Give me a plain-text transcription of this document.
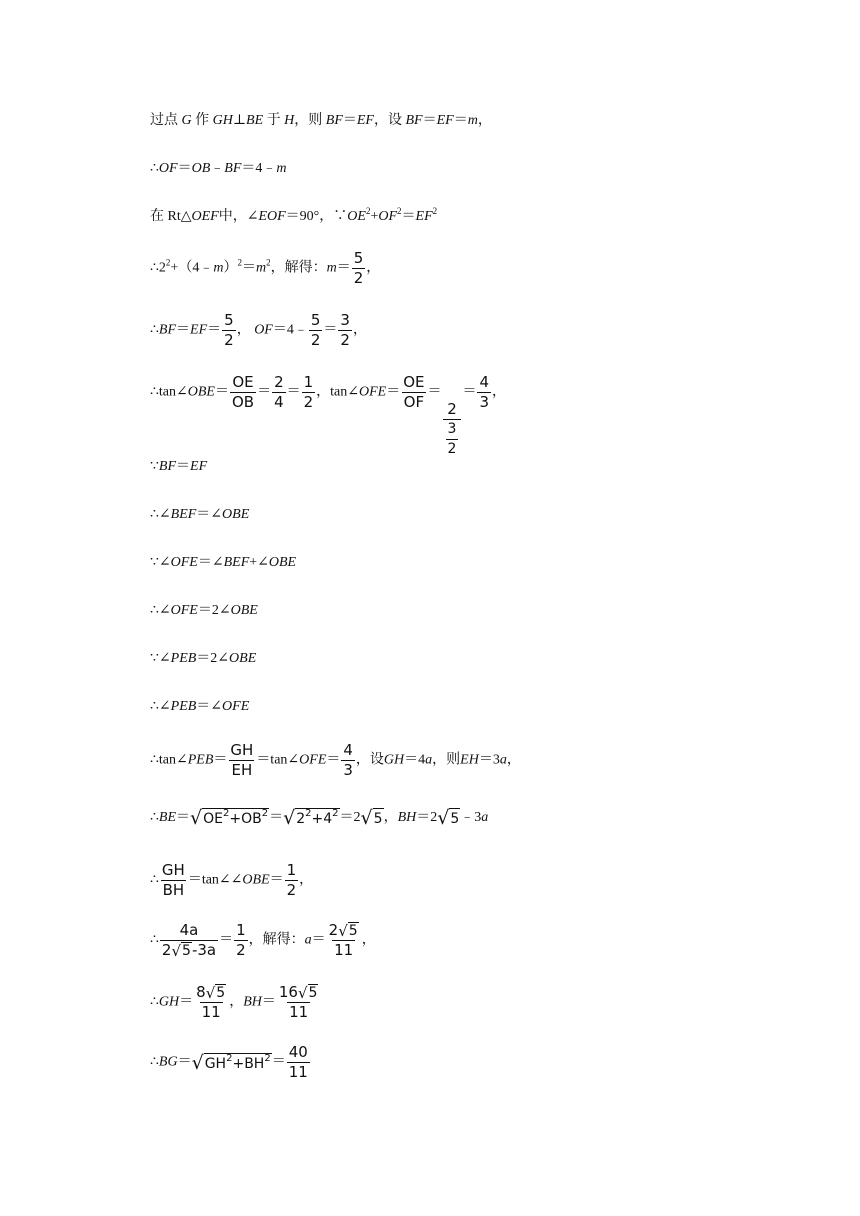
过点 G 作 GH⊥BE 于 H，则 BF＝EF，设 BF＝EF＝m，
∴OF＝OB﹣BF＝4﹣m
在 Rt△OEF中，∠EOF＝90°，$\because OE^2+OF^2=EF^2$
$\therefore 2^2+(4﹣m)^2=m^2$，解得：$m= \frac{5}{2}$ ，
∴BF＝EF＝ $\frac{5}{2}$ ， OF＝4﹣ $\frac{5}{2} = \frac{3}{2}$ ，
∴tan∠OBE＝ $\frac{OE}{OB} = \frac{2}{4} = \frac{1}{2}$ ，tan∠OFE＝ $\frac{OE}{OF}$ ＝
$\frac{2}{\frac{3}{2}}$
＝ $\frac{4}{3}$ ，
∵BF＝EF
∴∠BEF＝∠OBE
∵∠OFE＝∠BEF+∠OBE
∴∠OFE＝2∠OBE
∵∠PEB＝2∠OBE
∴∠PEB＝∠OFE
∴tan∠PEB＝ $\frac{GH}{EH}$ ＝tan∠OFE＝ $\frac{4}{3}$ ，设GH＝4a，则EH＝3a，
∴BE＝ √ $OE^2+OB^2$ ＝ √ $2^2+4^2 =2$ √ 5 ，BH＝2 √ 5 ﹣3a
∴ $\frac{GH}{BH}$ ＝tan∠∠OBE＝ $\frac{1}{2}$ ，
∴ $\frac{4a}{2 √ 5 -3a} = \frac{1}{2}$ ，解得：$a= \frac{2 √ 5}{11}$ ，
∴GH＝ $\frac{8 √ 5}{11}$ ，$BH= \frac{16 √ 5}{11}$
∴BG＝ √ $GH^2+BH^2 = \frac{40}{11}$
